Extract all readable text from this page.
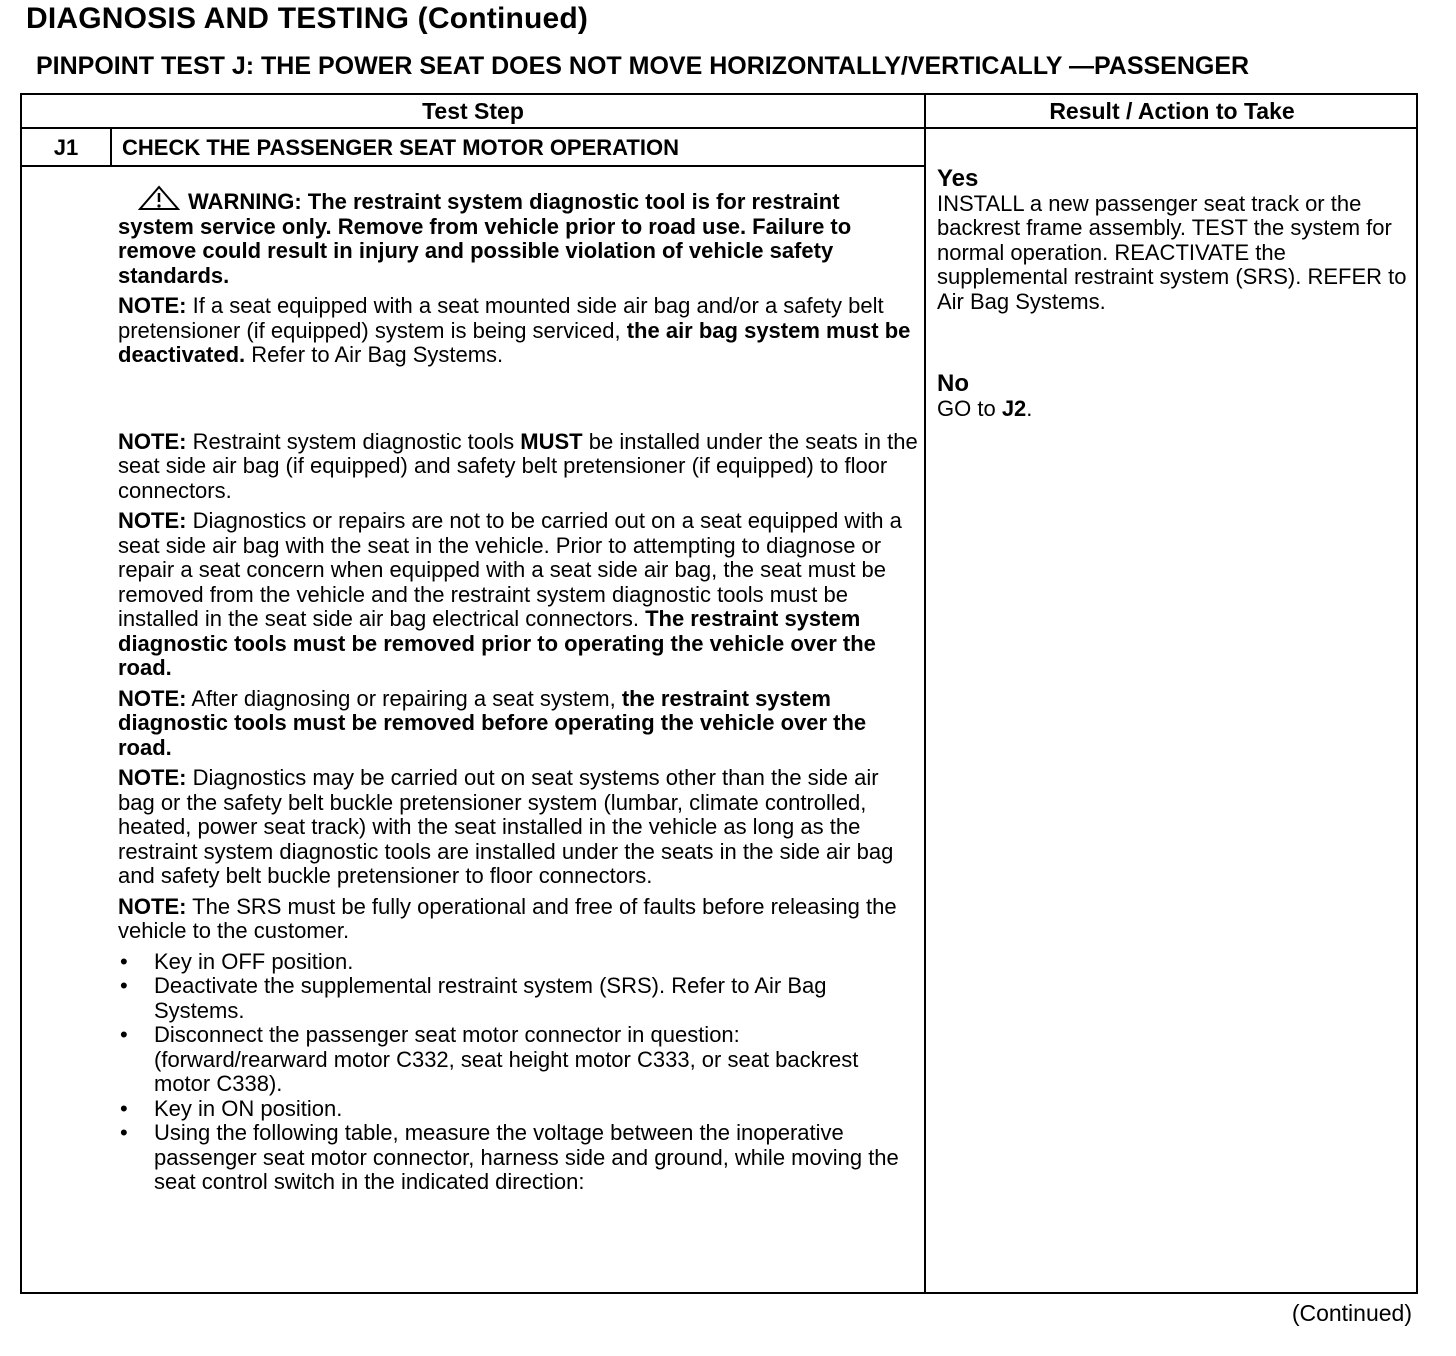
DIAGNOSIS AND TESTING (Continued)
PINPOINT TEST J: THE POWER SEAT DOES NOT MOVE HORIZONTALLY/VERTICALLY —PASSENGER
Test Step	Result / Action to Take
J1	CHECK THE PASSENGER SEAT MOTOR OPERATION

WARNING: The restraint system diagnostic tool is for restraint system service only. Remove from vehicle prior to road use. Failure to remove could result in injury and possible violation of vehicle safety standards.

NOTE: If a seat equipped with a seat mounted side air bag and/or a safety belt pretensioner (if equipped) system is being serviced, the air bag system must be deactivated. Refer to Air Bag Systems.

NOTE: Restraint system diagnostic tools MUST be installed under the seats in the seat side air bag (if equipped) and safety belt pretensioner (if equipped) to floor connectors.

NOTE: Diagnostics or repairs are not to be carried out on a seat equipped with a seat side air bag with the seat in the vehicle. Prior to attempting to diagnose or repair a seat concern when equipped with a seat side air bag, the seat must be removed from the vehicle and the restraint system diagnostic tools must be installed in the seat side air bag electrical connectors. The restraint system diagnostic tools must be removed prior to operating the vehicle over the road.

NOTE: After diagnosing or repairing a seat system, the restraint system diagnostic tools must be removed before operating the vehicle over the road.

NOTE: Diagnostics may be carried out on seat systems other than the side air bag or the safety belt buckle pretensioner system (lumbar, climate controlled, heated, power seat track) with the seat installed in the vehicle as long as the restraint system diagnostic tools are installed under the seats in the side air bag and safety belt buckle pretensioner to floor connectors.

NOTE: The SRS must be fully operational and free of faults before releasing the vehicle to the customer.

• Key in OFF position.
• Deactivate the supplemental restraint system (SRS). Refer to Air Bag Systems.
• Disconnect the passenger seat motor connector in question: (forward/rearward motor C332, seat height motor C333, or seat backrest motor C338).
• Key in ON position.
• Using the following table, measure the voltage between the inoperative passenger seat motor connector, harness side and ground, while moving the seat control switch in the indicated direction:

Yes

INSTALL a new passenger seat track or the backrest frame assembly. TEST the system for normal operation. REACTIVATE the supplemental restraint system (SRS). REFER to Air Bag Systems.

No

GO to J2.

(Continued)
